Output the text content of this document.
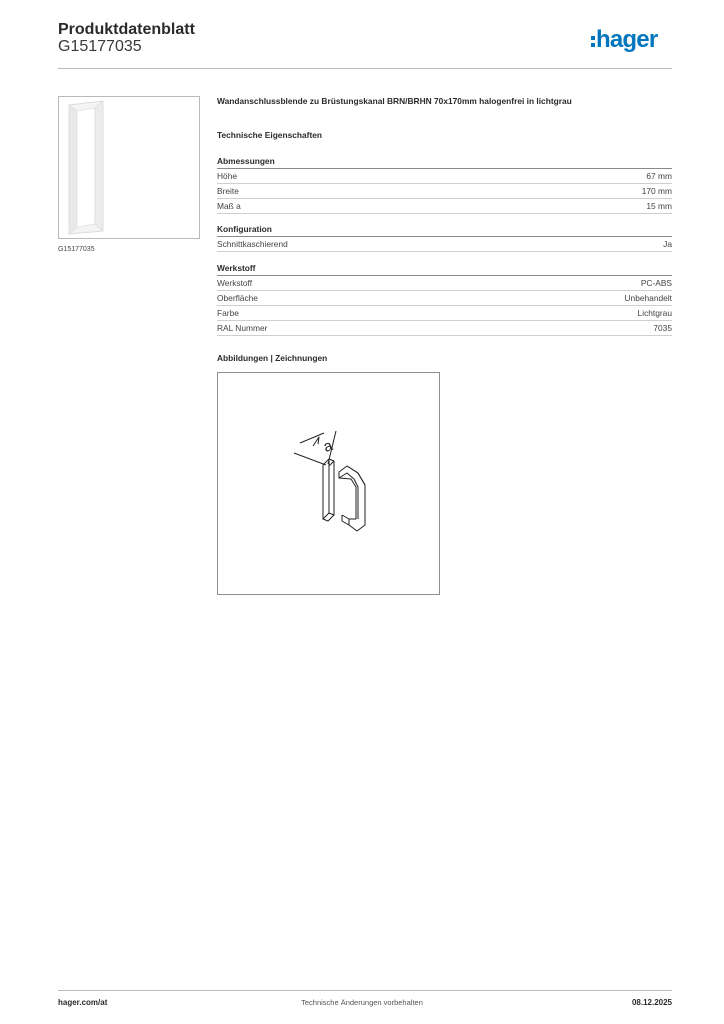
Produktdatenblatt
G15177035	hager
G15177035
Wandanschlussblende zu Brüstungskanal BRN/BRHN 70x170mm halogenfrei in lichtgrau
Technische Eigenschaften
Abmessungen
Höhe	67 mm
Breite	170 mm
Maß a	15 mm
Konfiguration
Schnittkaschierend	Ja
Werkstoff
Werkstoff	PC-ABS
Oberfläche	Unbehandelt
Farbe	Lichtgrau
RAL Nummer	7035
Abbildungen | Zeichnungen
a
hager.com/at	Technische Änderungen vorbehalten	08.12.2025
